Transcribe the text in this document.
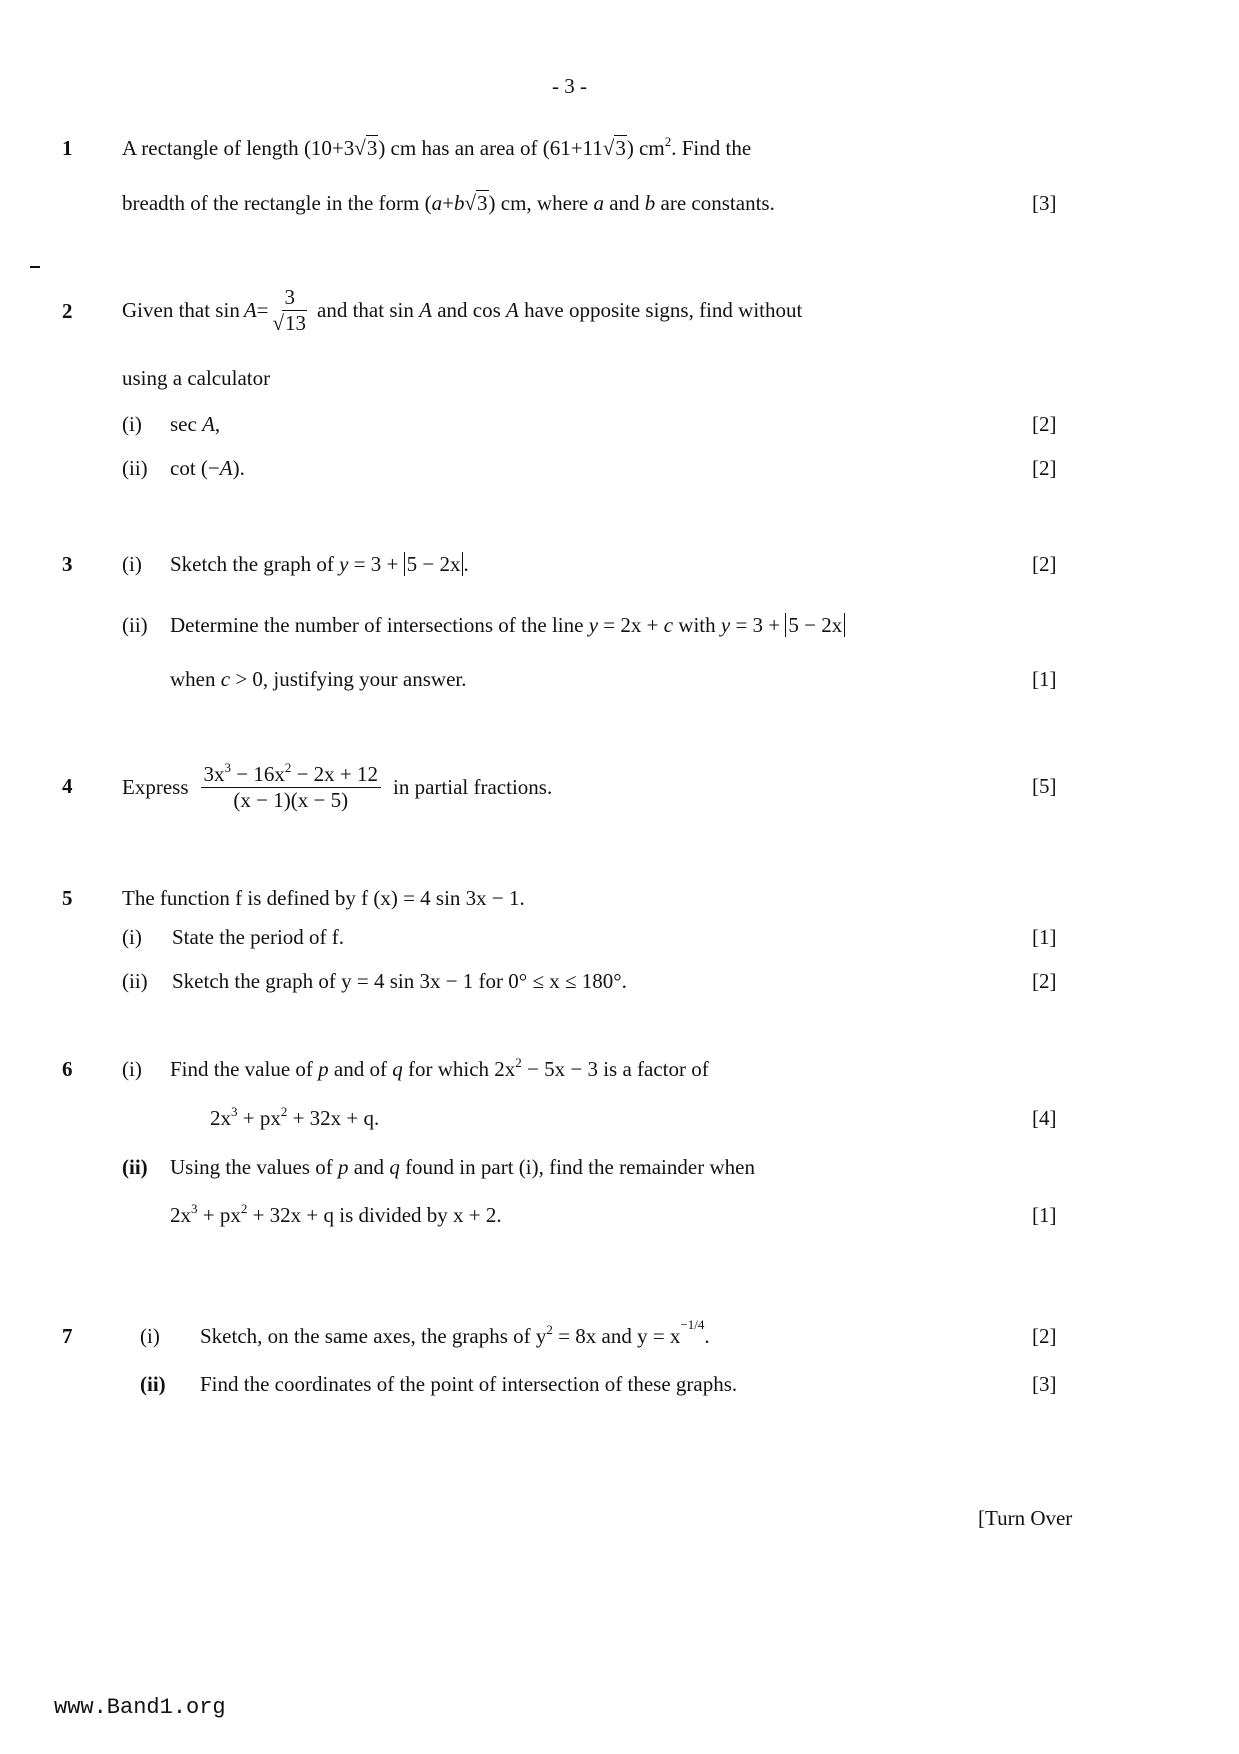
- 3 -
1 A rectangle of length (10+3√3) cm has an area of (61+11√3) $cm^2$. Find the
breadth of the rectangle in the form (a+b√3) cm, where a and b are constants.	[3]
2 Given that $\sin A = \frac{3}{√13}$ and that sin
A
and cos
A
have opposite signs, find without
using a calculator
(i) sec A,	[2]
(ii) cot (−A).	[2]
3 (i) Sketch the graph of y = 3 + 5 − 2x .	[2]
(ii) Determine the number of intersections of the line y = 2x + c with y = 3 + 5 − 2x
when c > 0, justifying your answer.	[1]
4 Express $\frac{3x^3 - 16x^2 - 2x + 12}{(x - 1)(x - 5)}$ in partial fractions.	[5]
5 The function f is defined by f (x) = 4 sin 3x − 1.
(i) State the period of f.	[1]
(ii) Sketch the graph of y = 4 sin 3x − 1 for 0° ≤ x ≤ 180°.	[2]
6 (i) Find the value of p and of q for which $2x^2 - 5x - 3$ is a factor of
$2x^3 + px^2 + 32x + q$.	[4]
(ii) Using the values of p and q found in part (i), find the remainder when
$2x^3 + px^2 + 32x + q$ is divided by x + 2.	[1]
7	(i) Sketch, on the same axes, the graphs of $y^2 = 8x$ and $y = x^{-1/4}$.	[2]
(ii) Find the coordinates of the point of intersection of these graphs.	[3]
[Turn Over
www.Band1.org
